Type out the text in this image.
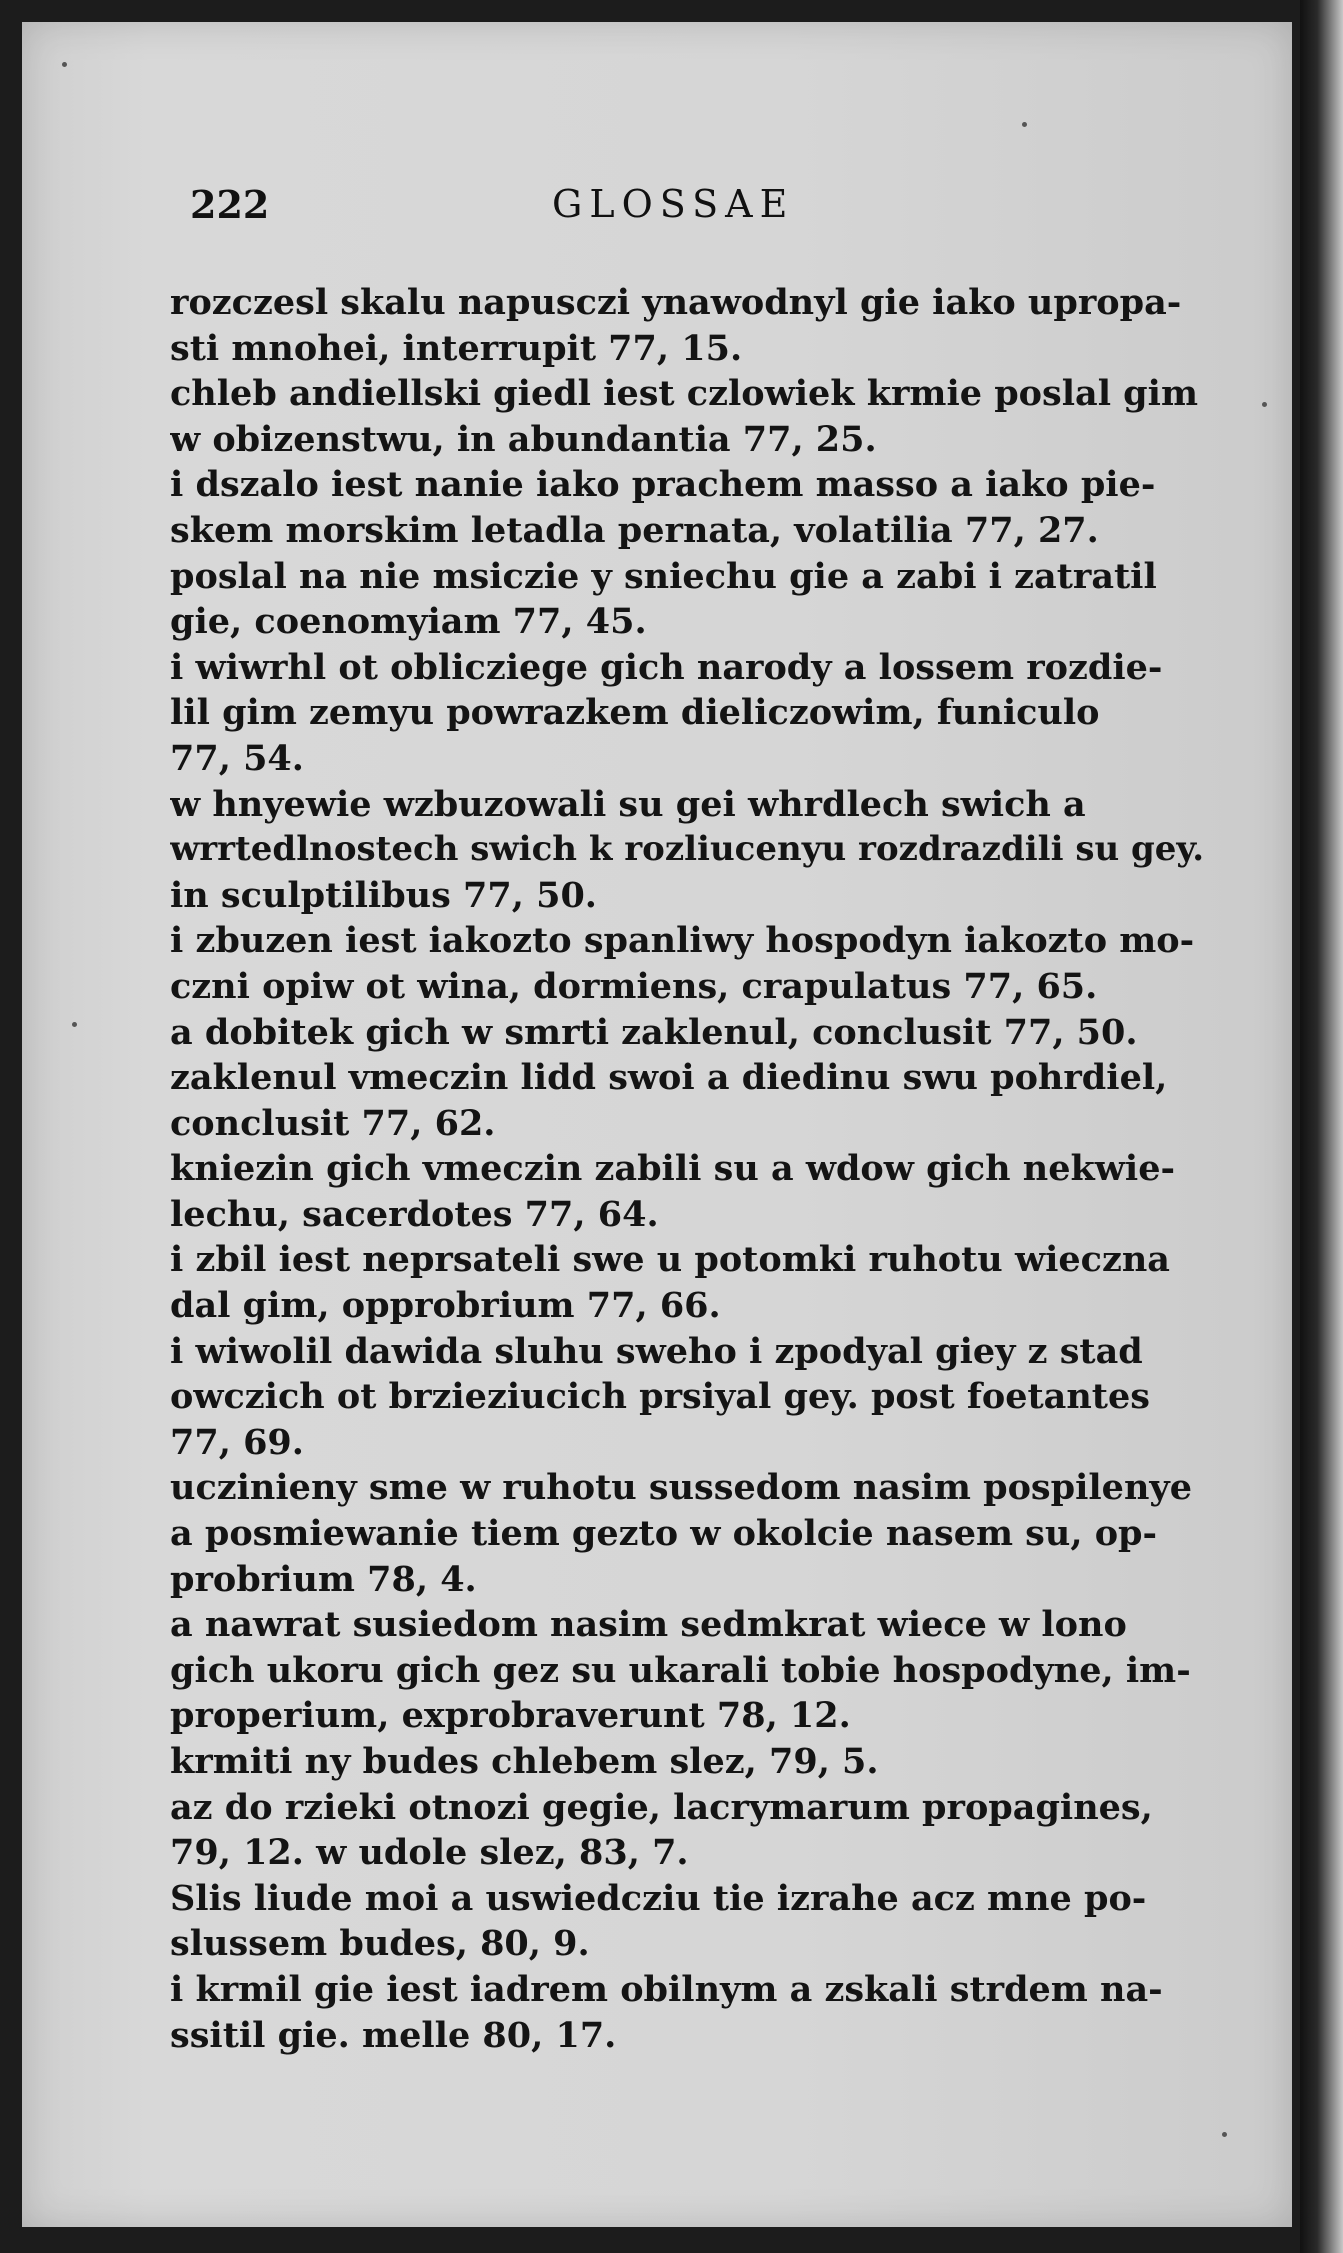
222	GLOSSAE
rozczesl skalu napusczi ynawodnyl gie iako upropa-
sti mnohei, interrupit 77, 15.
chleb andiellski giedl iest czlowiek krmie poslal gim
w obizenstwu, in abundantia 77, 25.
i dszalo iest nanie iako prachem masso a iako pie-
skem morskim letadla pernata, volatilia 77, 27.
poslal na nie msiczie y sniechu gie a zabi i zatratil
gie, coenomyiam 77, 45.
i wiwrhl ot oblicziege gich narody a lossem rozdie-
lil gim zemyu powrazkem dieliczowim, funiculo
77, 54.
w hnyewie wzbuzowali su gei whrdlech swich a
wrrtedlnostech swich k rozliucenyu rozdrazdili su gey.
in sculptilibus 77, 50.
i zbuzen iest iakozto spanliwy hospodyn iakozto mo-
czni opiw ot wina, dormiens, crapulatus 77, 65.
a dobitek gich w smrti zaklenul, conclusit 77, 50.
zaklenul vmeczin lidd swoi a diedinu swu pohrdiel,
conclusit 77, 62.
kniezin gich vmeczin zabili su a wdow gich nekwie-
lechu, sacerdotes 77, 64.
i zbil iest neprsateli swe u potomki ruhotu wieczna
dal gim, opprobrium 77, 66.
i wiwolil dawida sluhu sweho i zpodyal giey z stad
owczich ot brzieziucich prsiyal gey. post foetantes
77, 69.
uczinieny sme w ruhotu sussedom nasim pospilenye
a posmiewanie tiem gezto w okolcie nasem su, op-
probrium 78, 4.
a nawrat susiedom nasim sedmkrat wiece w lono
gich ukoru gich gez su ukarali tobie hospodyne, im-
properium, exprobraverunt 78, 12.
krmiti ny budes chlebem slez, 79, 5.
az do rzieki otnozi gegie, lacrymarum propagines,
79, 12. w udole slez, 83, 7.
Slis liude moi a uswiedcziu tie izrahe acz mne po-
slussem budes, 80, 9.
i krmil gie iest iadrem obilnym a zskali strdem na-
ssitil gie. melle 80, 17.
